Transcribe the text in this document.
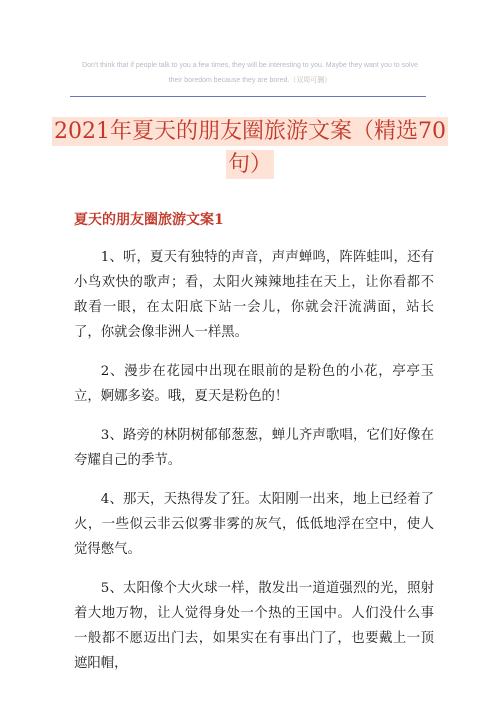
Don't think that if people talk to you a few times, they will be interesting to you. Maybe they want you to solve
their boredom because they are bored.（双周可删）
2021年夏天的朋友圈旅游文案（精选70句）
夏天的朋友圈旅游文案1

1、听，夏天有独特的声音，声声蝉鸣，阵阵蛙叫，还有小鸟欢快的歌声；看，太阳火辣辣地挂在天上，让你看都不敢看一眼，在太阳底下站一会儿，你就会汗流满面，站长了，你就会像非洲人一样黑。

2、漫步在花园中出现在眼前的是粉色的小花，亭亭玉立，婀娜多姿。哦，夏天是粉色的！

3、路旁的林阴树郁郁葱葱，蝉儿齐声歌唱，它们好像在夸耀自己的季节。

4、那天，天热得发了狂。太阳刚一出来，地上已经着了火，一些似云非云似雾非雾的灰气，低低地浮在空中，使人觉得憋气。

5、太阳像个大火球一样，散发出一道道强烈的光，照射着大地万物，让人觉得身处一个热的王国中。人们没什么事一般都不愿迈出门去，如果实在有事出门了，也要戴上一顶遮阳帽，
